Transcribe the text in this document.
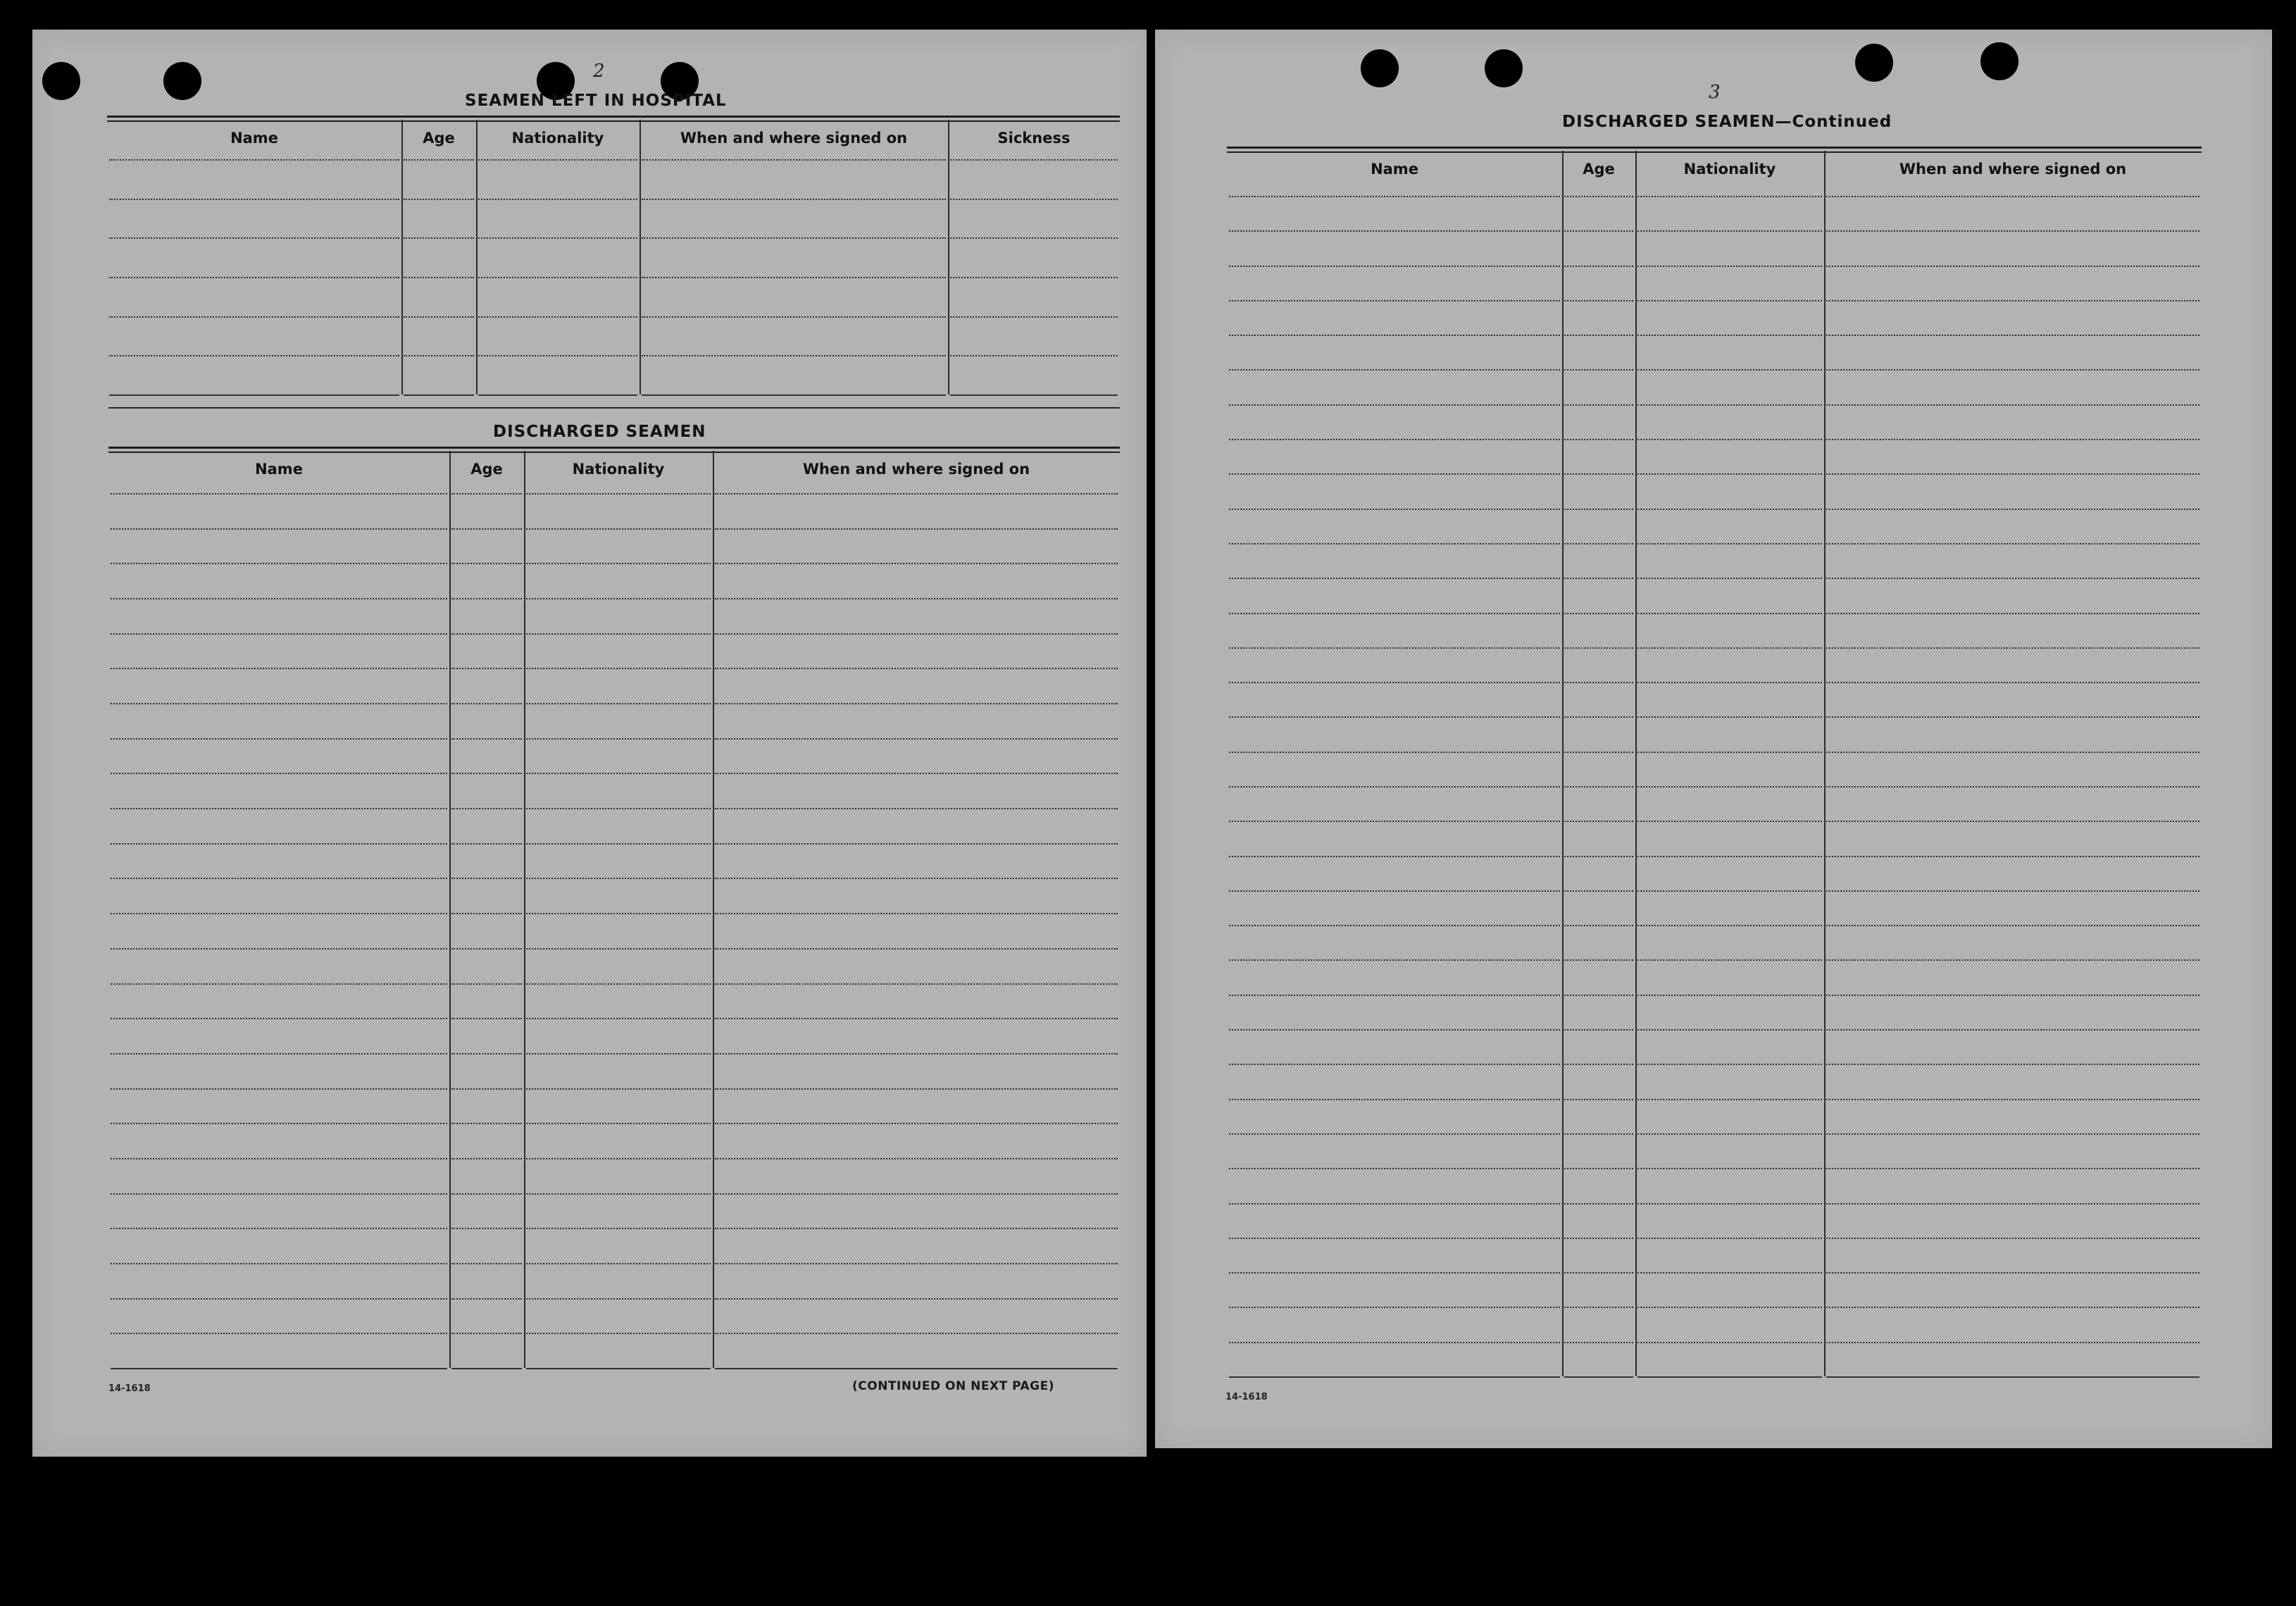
2
SEAMEN LEFT IN HOSPITAL
DISCHARGED SEAMEN
14-1618	(CONTINUED ON NEXT PAGE)
Name	Age	Nationality	When and where signed on	Sickness
Name	Age	Nationality	When and where signed on
3
DISCHARGED SEAMEN—Continued
14-1618
Name	Age	Nationality	When and where signed on
